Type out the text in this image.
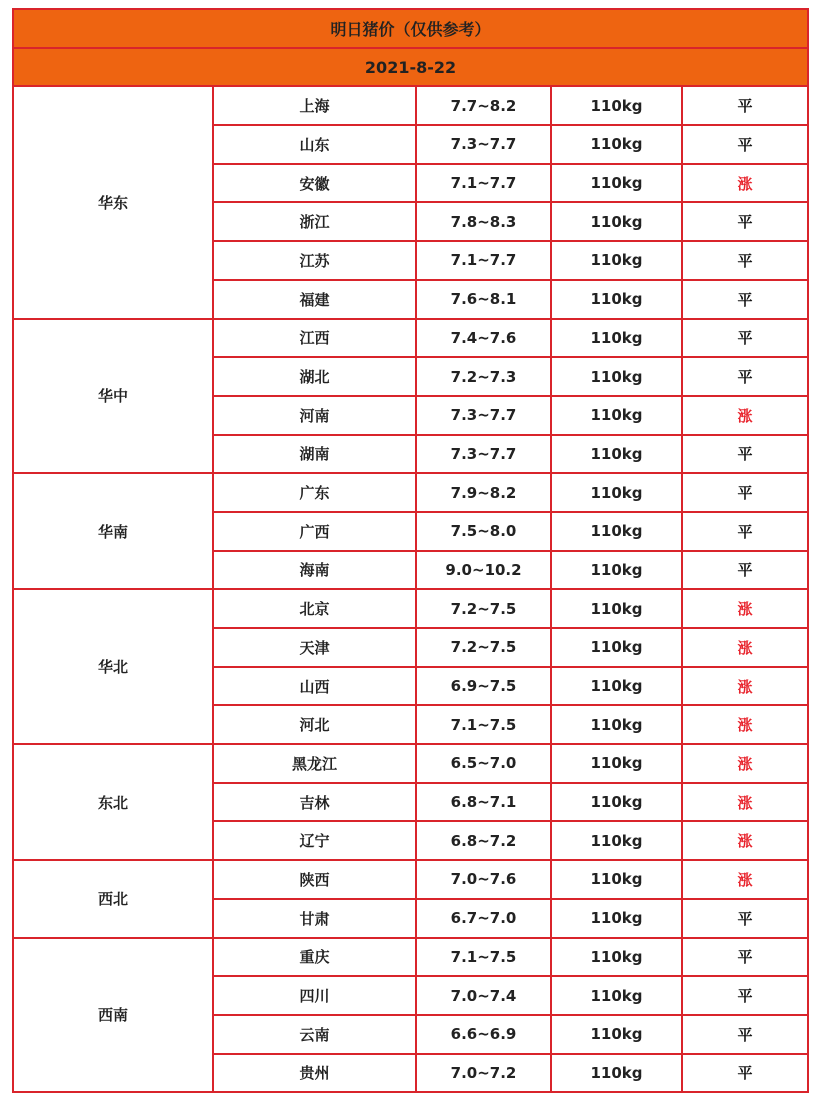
明日猪价（仅供参考）				
2021-8-22				
华东	上海	7.7~8.2	110kg	平
	山东	7.3~7.7	110kg	平
	安徽	7.1~7.7	110kg	涨
	浙江	7.8~8.3	110kg	平
	江苏	7.1~7.7	110kg	平
	福建	7.6~8.1	110kg	平
华中	江西	7.4~7.6	110kg	平
	湖北	7.2~7.3	110kg	平
	河南	7.3~7.7	110kg	涨
	湖南	7.3~7.7	110kg	平
华南	广东	7.9~8.2	110kg	平
	广西	7.5~8.0	110kg	平
	海南	9.0~10.2	110kg	平
华北	北京	7.2~7.5	110kg	涨
	天津	7.2~7.5	110kg	涨
	山西	6.9~7.5	110kg	涨
	河北	7.1~7.5	110kg	涨
东北	黑龙江	6.5~7.0	110kg	涨
	吉林	6.8~7.1	110kg	涨
	辽宁	6.8~7.2	110kg	涨
西北	陕西	7.0~7.6	110kg	涨
	甘肃	6.7~7.0	110kg	平
西南	重庆	7.1~7.5	110kg	平
	四川	7.0~7.4	110kg	平
	云南	6.6~6.9	110kg	平
	贵州	7.0~7.2	110kg	平
